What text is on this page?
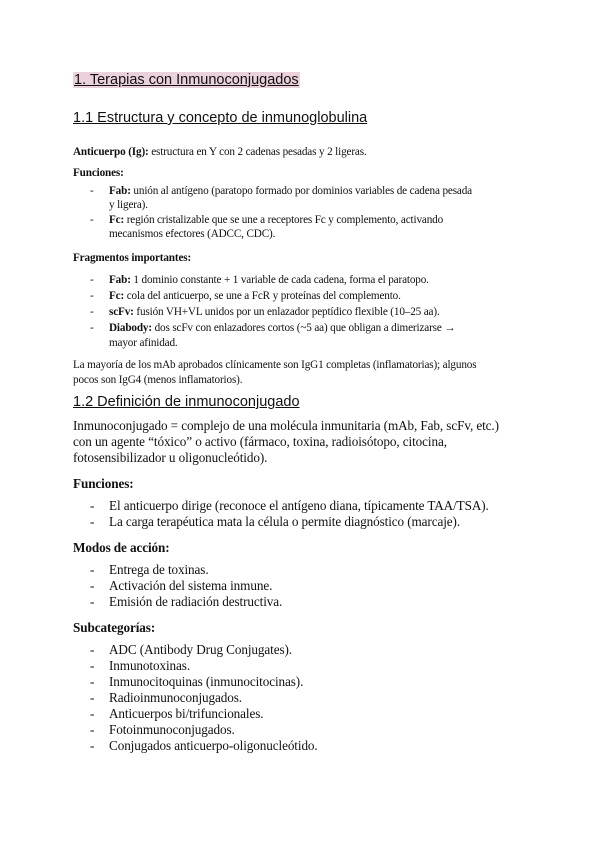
1. Terapias con Inmunoconjugados
1.1 Estructura y concepto de inmunoglobulina
Anticuerpo (Ig): estructura en Y con 2 cadenas pesadas y 2 ligeras.
Funciones:
- Fab: unión al antígeno (paratopo formado por dominios variables de cadena pesada
y ligera).
- Fc: región cristalizable que se une a receptores Fc y complemento, activando
mecanismos efectores (ADCC, CDC).
Fragmentos importantes:
- Fab: 1 dominio constante + 1 variable de cada cadena, forma el paratopo.
- Fc: cola del anticuerpo, se une a FcR y proteínas del complemento.
- scFv: fusión VH+VL unidos por un enlazador peptídico flexible (10–25 aa).
- Diabody: dos scFv con enlazadores cortos (~5 aa) que obligan a dimerizarse →
mayor afinidad.
La mayoría de los mAb aprobados clínicamente son IgG1 completas (inflamatorias); algunos
pocos son IgG4 (menos inflamatorios).
1.2 Definición de inmunoconjugado
Inmunoconjugado = complejo de una molécula inmunitaria (mAb, Fab, scFv, etc.)
con un agente “tóxico” o activo (fármaco, toxina, radioisótopo, citocina,
fotosensibilizador u oligonucleótido).
Funciones:
- El anticuerpo dirige (reconoce el antígeno diana, típicamente TAA/TSA).
- La carga terapéutica mata la célula o permite diagnóstico (marcaje).
Modos de acción:
- Entrega de toxinas.
- Activación del sistema inmune.
- Emisión de radiación destructiva.
Subcategorías:
- ADC (Antibody Drug Conjugates).
- Inmunotoxinas.
- Inmunocitoquinas (inmunocitocinas).
- Radioinmunoconjugados.
- Anticuerpos bi/trifuncionales.
- Fotoinmunoconjugados.
- Conjugados anticuerpo-oligonucleótido.
